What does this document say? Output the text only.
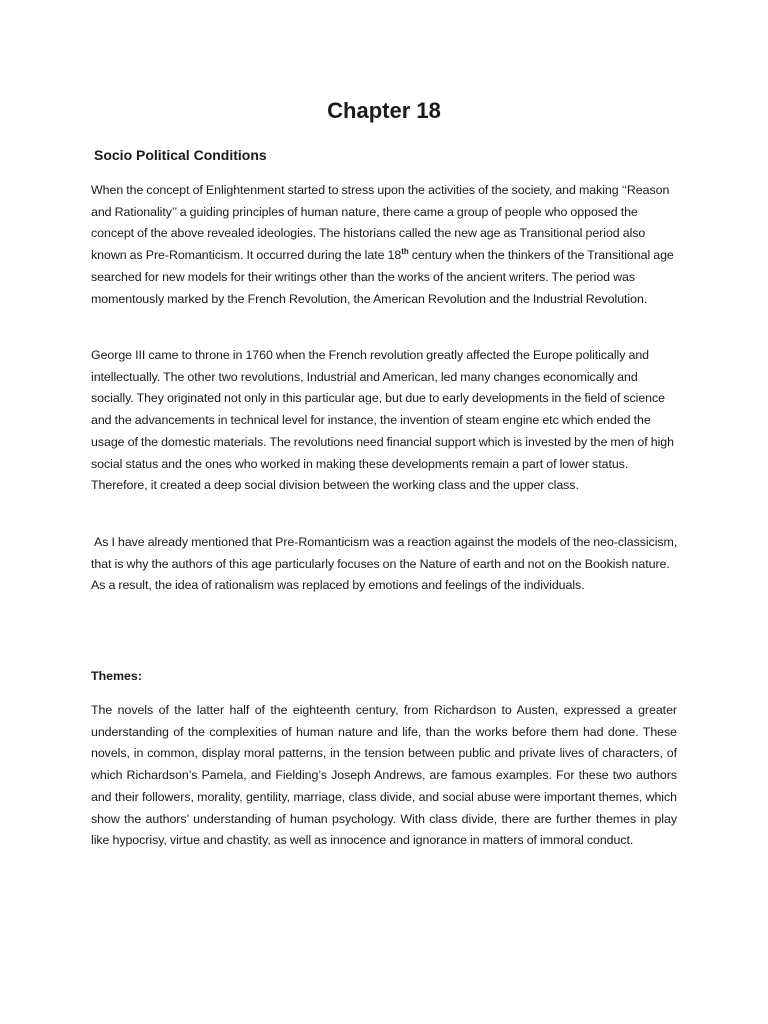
Chapter 18
Socio Political Conditions

When the concept of Enlightenment started to stress upon the activities of the society, and making ‘‘Reason and Rationality’’ a guiding principles of human nature, there came a group of people who opposed the concept of the above revealed ideologies. The historians called the new age as Transitional period also known as Pre-Romanticism. It occurred during the late 18th century when the thinkers of the Transitional age searched for new models for their writings other than the works of the ancient writers. The period was momentously marked by the French Revolution, the American Revolution and the Industrial Revolution.

George III came to throne in 1760 when the French revolution greatly affected the Europe politically and intellectually. The other two revolutions, Industrial and American, led many changes economically and socially. They originated not only in this particular age, but due to early developments in the field of science and the advancements in technical level for instance, the invention of steam engine etc which ended the usage of the domestic materials. The revolutions need financial support which is invested by the men of high social status and the ones who worked in making these developments remain a part of lower status. Therefore, it created a deep social division between the working class and the upper class.

As I have already mentioned that Pre-Romanticism was a reaction against the models of the neo-classicism, that is why the authors of this age particularly focuses on the Nature of earth and not on the Bookish nature. As a result, the idea of rationalism was replaced by emotions and feelings of the individuals.

Themes:

The novels of the latter half of the eighteenth century, from Richardson to Austen, expressed a greater understanding of the complexities of human nature and life, than the works before them had done. These novels, in common, display moral patterns, in the tension between public and private lives of characters, of which Richardson’s Pamela, and Fielding’s Joseph Andrews, are famous examples. For these two authors and their followers, morality, gentility, marriage, class divide, and social abuse were important themes, which show the authors’ understanding of human psychology. With class divide, there are further themes in play like hypocrisy, virtue and chastity, as well as innocence and ignorance in matters of immoral conduct.
